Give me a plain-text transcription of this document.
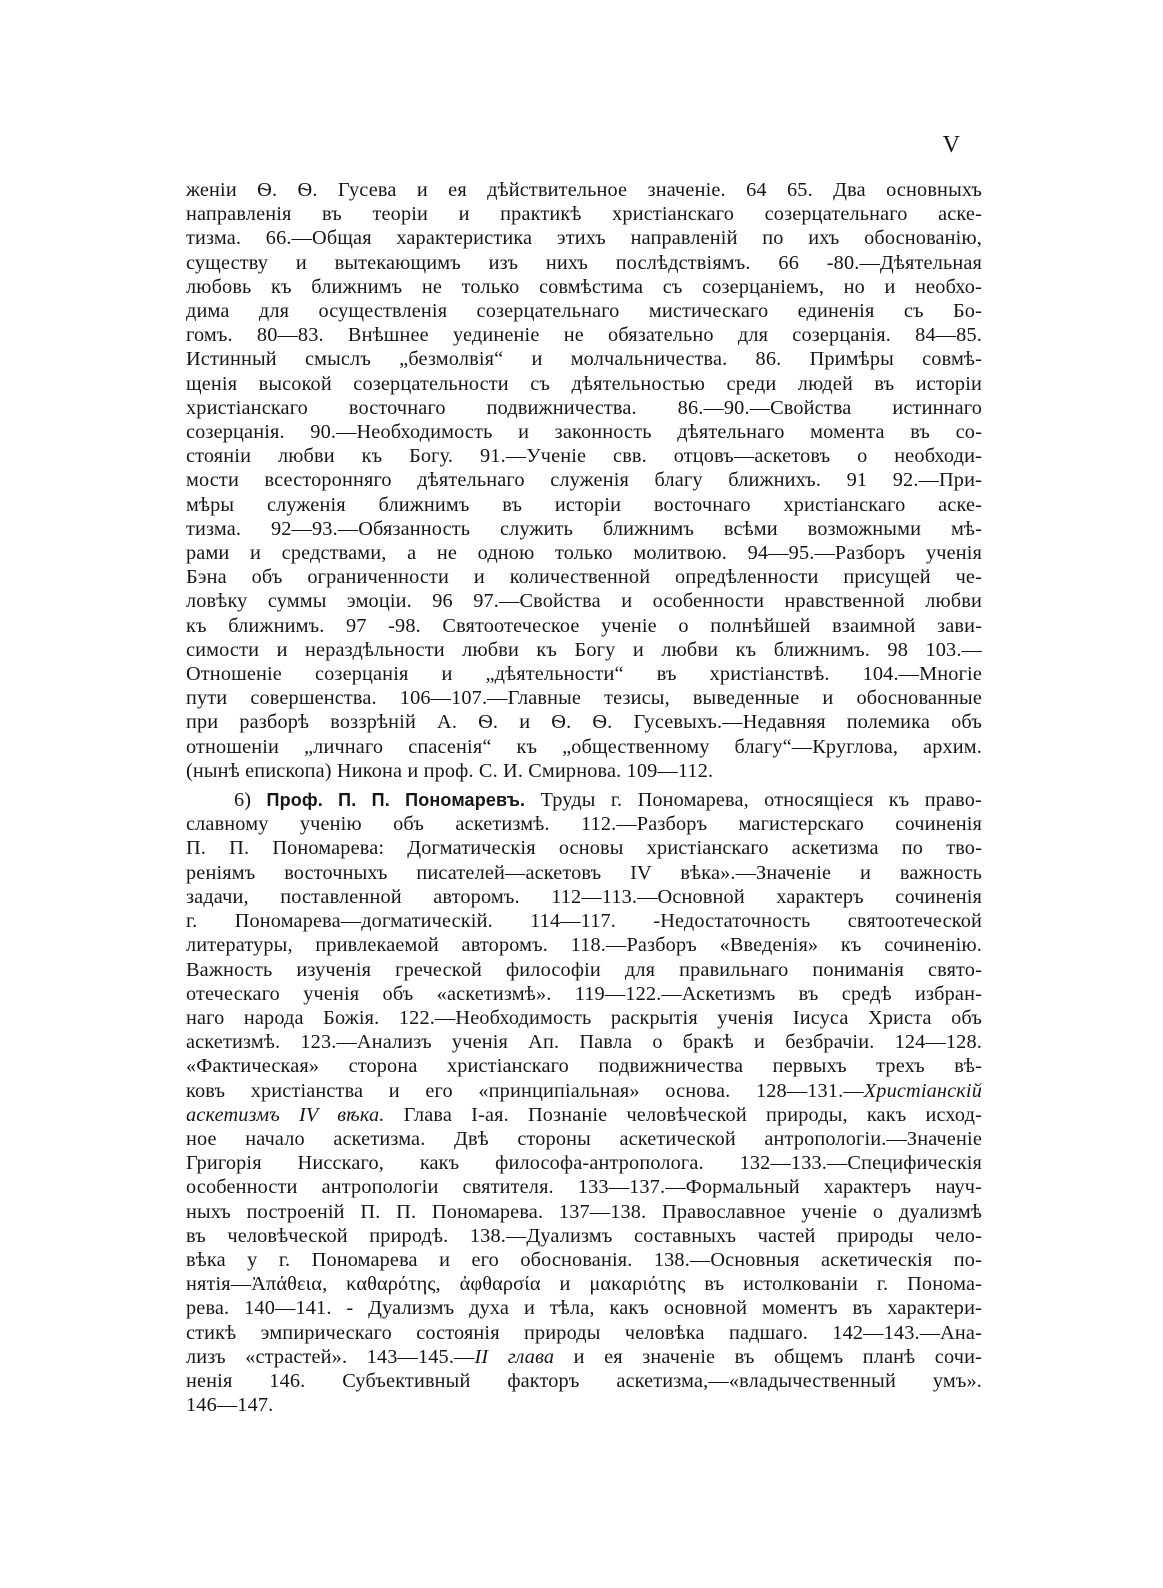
V
женіи Ѳ. Ѳ. Гусева и ея дѣйствительное значеніе. 64 65. Два основныхъ
направленія въ теоріи и практикѣ христіанскаго созерцательнаго аске-
тизма. 66.—Общая характеристика этихъ направленій по ихъ обоснованію,
существу и вытекающимъ изъ нихъ послѣдствіямъ. 66 -80.—Дѣятельная
любовь къ ближнимъ не только совмѣстима съ созерцаніемъ, но и необхо-
дима для осуществленія созерцательнаго мистическаго единенія съ Бо-
гомъ. 80—83. Внѣшнее уединеніе не обязательно для созерцанія. 84—85.
Истинный смыслъ „безмолвія“ и молчальничества. 86. Примѣры совмѣ-
щенія высокой созерцательности съ дѣятельностью среди людей въ исторіи
христіанскаго восточнаго подвижничества. 86.—90.—Свойства истиннаго
созерцанія. 90.—Необходимость и законность дѣятельнаго момента въ со-
стояніи любви къ Богу. 91.—Ученіе свв. отцовъ—аскетовъ о необходи-
мости всесторонняго дѣятельнаго служенія благу ближнихъ. 91 92.—При-
мѣры служенія ближнимъ въ исторіи восточнаго христіанскаго аске-
тизма. 92—93.—Обязанность служить ближнимъ всѣми возможными мѣ-
рами и средствами, а не одною только молитвою. 94—95.—Разборъ ученія
Бэна объ ограниченности и количественной опредѣленности присущей че-
ловѣку суммы эмоціи. 96 97.—Свойства и особенности нравственной любви
къ ближнимъ. 97 -98. Святоотеческое ученіе о полнѣйшей взаимной зави-
симости и нераздѣльности любви къ Богу и любви къ ближнимъ. 98 103.—
Отношеніе созерцанія и „дѣятельности“ въ христіанствѣ. 104.—Многіе
пути совершенства. 106—107.—Главные тезисы, выведенные и обоснованные
при разборѣ воззрѣній А. Ѳ. и Ѳ. Ѳ. Гусевыхъ.—Недавняя полемика объ
отношеніи „личнаго спасенія“ къ „общественному благу“—Круглова, архим.
(нынѣ епископа) Никона и проф. С. И. Смирнова. 109—112.
6) Проф. П. П. Пономаревъ. Труды г. Пономарева, относящіеся къ право-
славному ученію объ аскетизмѣ. 112.—Разборъ магистерскаго сочиненія
П. П. Пономарева: Догматическія основы христіанскаго аскетизма по тво-
реніямъ восточныхъ писателей—аскетовъ IV вѣка».—Значеніе и важность
задачи, поставленной авторомъ. 112—113.—Основной характеръ сочиненія
г. Пономарева—догматическій. 114—117. -Недостаточность святоотеческой
литературы, привлекаемой авторомъ. 118.—Разборъ «Введенія» къ сочиненію.
Важность изученія греческой философіи для правильнаго пониманія свято-
отеческаго ученія объ «аскетизмѣ». 119—122.—Аскетизмъ въ средѣ избран-
наго народа Божія. 122.—Необходимость раскрытія ученія Іисуса Христа объ
аскетизмѣ. 123.—Анализъ ученія Ап. Павла о бракѣ и безбрачіи. 124—128.
«Фактическая» сторона христіанскаго подвижничества первыхъ трехъ вѣ-
ковъ христіанства и его «принципіальная» основа. 128—131.—Христіанскій
аскетизмъ IV вѣка. Глава I-ая. Познаніе человѣческой природы, какъ исход-
ное начало аскетизма. Двѣ стороны аскетической антропологіи.—Значеніе
Григорія Нисскаго, какъ философа-антрополога. 132—133.—Специфическія
особенности антропологіи святителя. 133—137.—Формальный характеръ науч-
ныхъ построеній П. П. Пономарева. 137—138. Православное ученіе о дуализмѣ
въ человѣческой природѣ. 138.—Дуализмъ составныхъ частей природы чело-
вѣка у г. Пономарева и его обоснованія. 138.—Основныя аскетическія по-
нятія—Ἀπάθεια, καθαρότης, ἀφθαρσία и μακαριότης въ истолкованіи г. Понома-
рева. 140—141. - Дуализмъ духа и тѣла, какъ основной моментъ въ характери-
стикѣ эмпирическаго состоянія природы человѣка падшаго. 142—143.—Ана-
лизъ «страстей». 143—145.—II глава и ея значеніе въ общемъ планѣ сочи-
ненія 146. Субъективный факторъ аскетизма,—«владычественный умъ».
146—147.
